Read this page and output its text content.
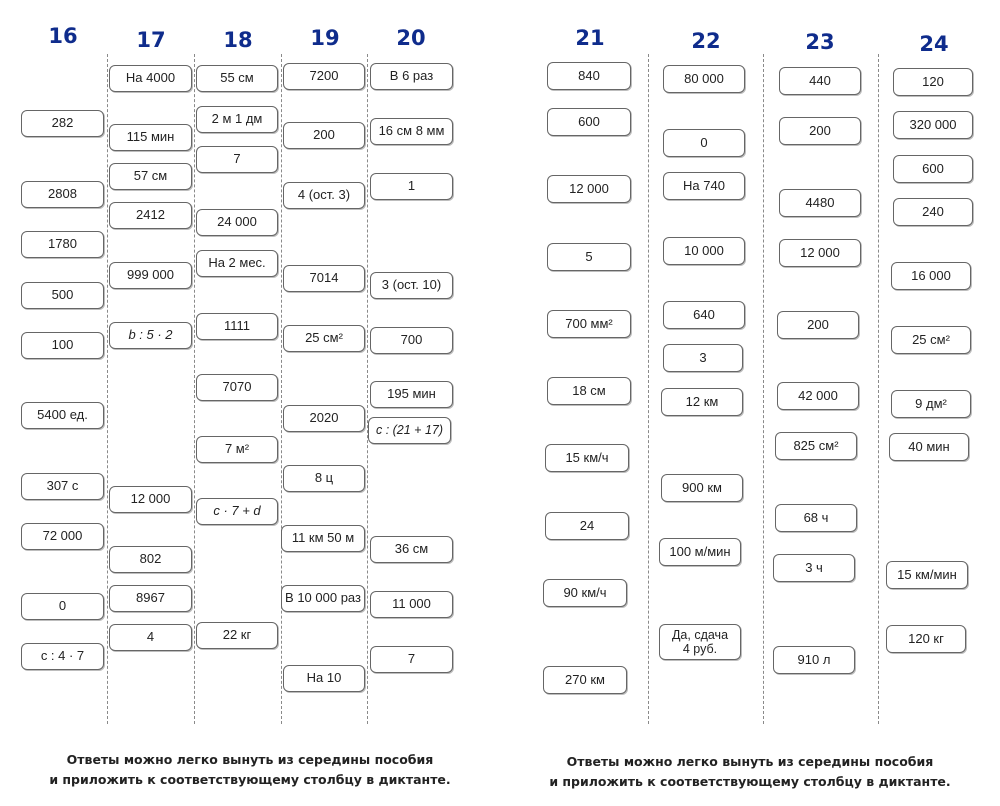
16	17	18	19	20	21	22	23	24
282
2808
1780
500
100
5400 ед.
307 с
72 000
0
c : 4 · 7
На 4000
115 мин
57 см
2412
999 000
b : 5 · 2
12 000
802
8967
4
55 см
2 м 1 дм
7
24 000
На 2 мес.
1111
7070
7 м²
c · 7 + d
22 кг
7200
200
4 (ост. 3)
7014
25 см²
2020
8 ц
11 км 50 м
В 10 000 раз
На 10
В 6 раз
16 см 8 мм
1
3 (ост. 10)
700
195 мин
c : (21 + 17)
36 см
11 000
7
840
600
12 000
5
700 мм²
18 см
15 км/ч
24
90 км/ч
270 км
80 000
0
На 740
10 000
640
3
12 км
900 км
100 м/мин
Да, сдача 4 руб.
440
200
4480
12 000
200
42 000
825 см²
68 ч
3 ч
910 л
120
320 000
600
240
16 000
25 см²
9 дм²
40 мин
15 км/мин
120 кг
Ответы можно легко вынуть из середины пособия
и приложить к соответствующему столбцу в диктанте.
Ответы можно легко вынуть из середины пособия
и приложить к соответствующему столбцу в диктанте.
